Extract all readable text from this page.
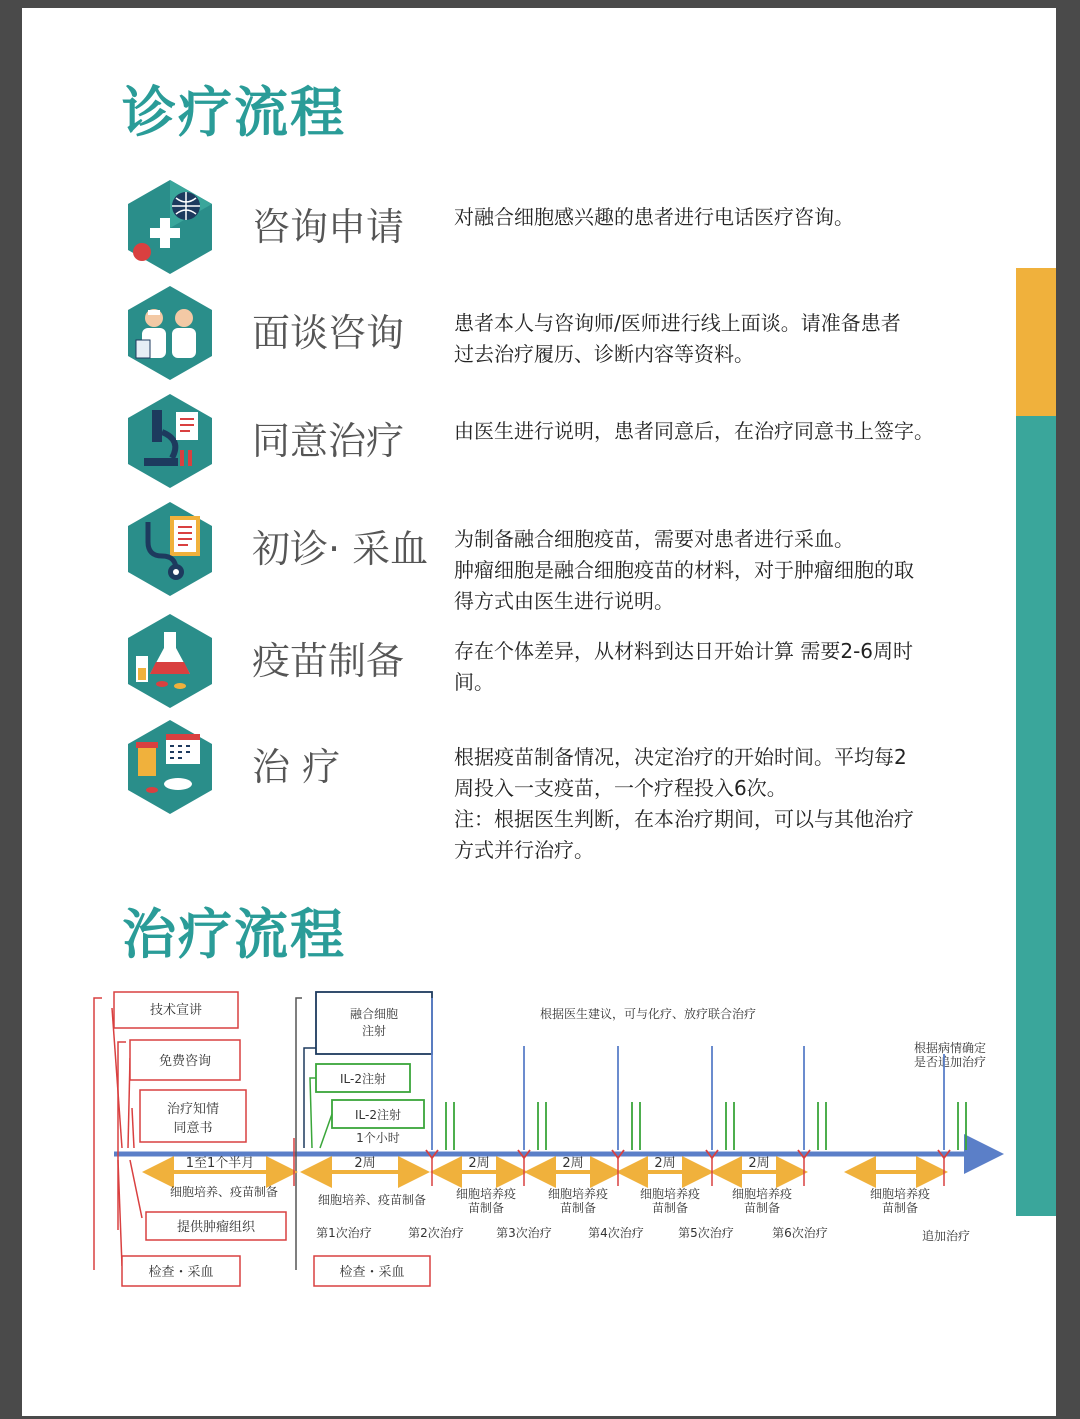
诊疗流程
咨询申请 对融合细胞感兴趣的患者进行电话医疗咨询。
面谈咨询 患者本人与咨询师/医师进行线上面谈。请准备患者
过去治疗履历、诊断内容等资料。
同意治疗 由医生进行说明，患者同意后，在治疗同意书上签字。
初诊· 采血 为制备融合细胞疫苗，需要对患者进行采血。
肿瘤细胞是融合细胞疫苗的材料，对于肿瘤细胞的取
得方式由医生进行说明。
疫苗制备 存在个体差异，从材料到达日开始计算 需要2-6周时
间。
治 疗	根据疫苗制备情况，决定治疗的开始时间。平均每2
周投入一支疫苗，一个疗程投入6次。
注：根据医生判断，在本治疗期间，可以与其他治疗
方式并行治疗。
治疗流程
技术宣讲
免费咨询
治疗知情
同意书
提供肿瘤组织
检查・采血
融合细胞
注射
IL-2注射
IL-2注射
1个小时
检查・采血
根据医生建议，可与化疗、放疗联合治疗
根据病情确定
是否追加治疗
1至1个半月	2周	2周	2周	2周	2周
细胞培养疫
苗制备
细胞培养疫
苗制备
细胞培养疫
苗制备
细胞培养疫
苗制备
细胞培养疫
苗制备
第1次治疗	第2次治疗	第3次治疗	第4次治疗	第5次治疗	第6次治疗
细胞培养、疫苗制备
细胞培养、疫苗制备
追加治疗
